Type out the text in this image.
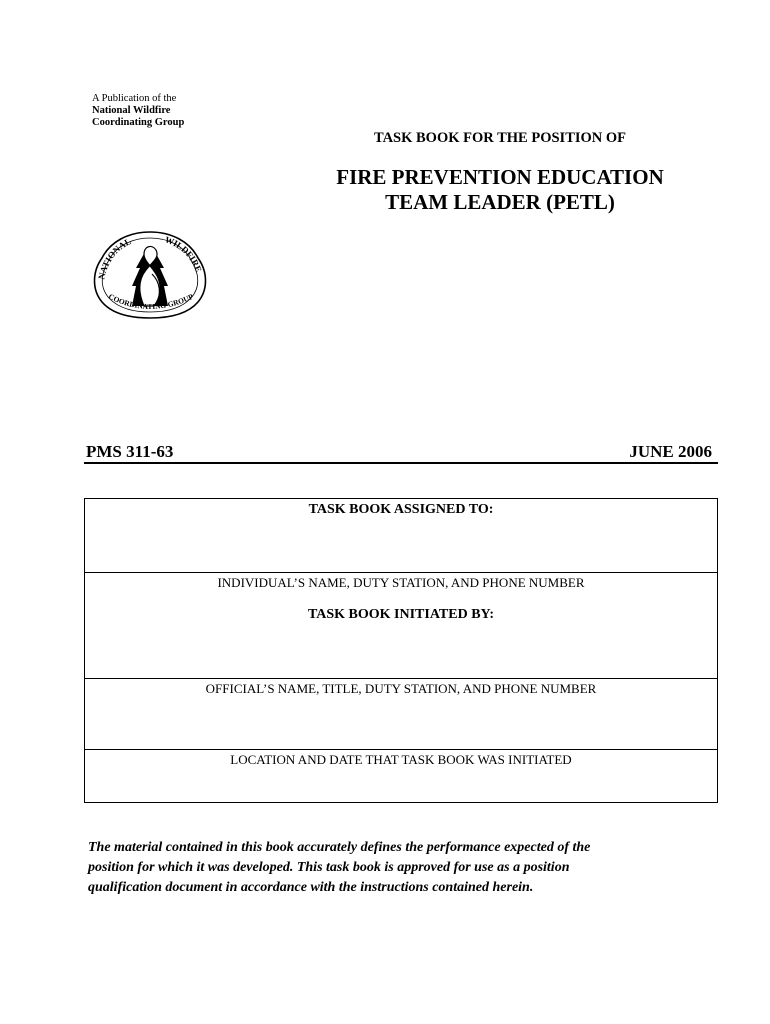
A Publication of the
National Wildfire
Coordinating Group
TASK BOOK FOR THE POSITION OF
FIRE PREVENTION EDUCATION
TEAM LEADER (PETL)
NATIONAL	WILDFIRE
COORDINATING GROUP
PMS 311-63	JUNE 2006
TASK BOOK ASSIGNED TO:
INDIVIDUAL’S NAME, DUTY STATION, AND PHONE NUMBER
TASK BOOK INITIATED BY:
OFFICIAL’S NAME, TITLE, DUTY STATION, AND PHONE NUMBER
LOCATION AND DATE THAT TASK BOOK WAS INITIATED
The material contained in this book accurately defines the performance expected of the
position for which it was developed. This task book is approved for use as a position
qualification document in accordance with the instructions contained herein.
